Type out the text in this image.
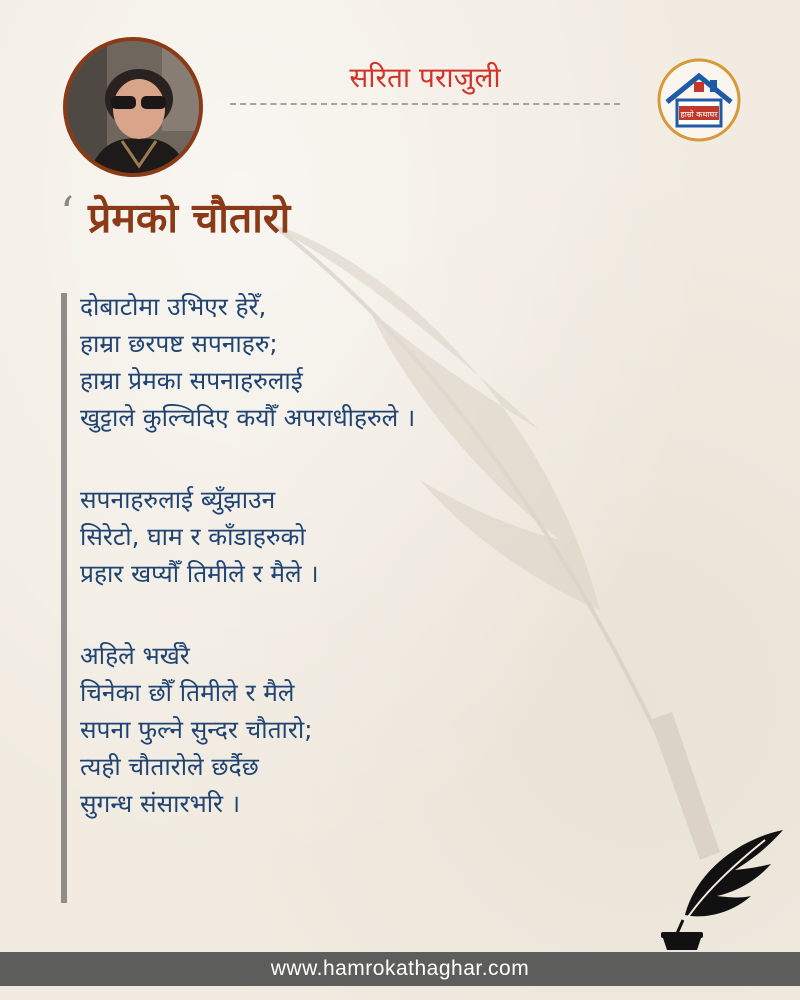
सरिता पराजुली
हाम्रो कथाघर
‘ प्रेमको चौतारो
दोबाटोमा उभिएर हेरेँ,
हाम्रा छरपष्ट सपनाहरु;
हाम्रा प्रेमका सपनाहरुलाई
खुट्टाले कुल्चिदिए कयौँ अपराधीहरुले ।
सपनाहरुलाई ब्युँझाउन
सिरेटो, घाम र काँडाहरुको
प्रहार खप्यौँ तिमीले र मैले ।
अहिले भर्खरै
चिनेका छौँ तिमीले र मैले
सपना फुल्ने सुन्दर चौतारो;
त्यही चौतारोले छर्दैछ
सुगन्ध संसारभरि ।
www.hamrokathaghar.com
